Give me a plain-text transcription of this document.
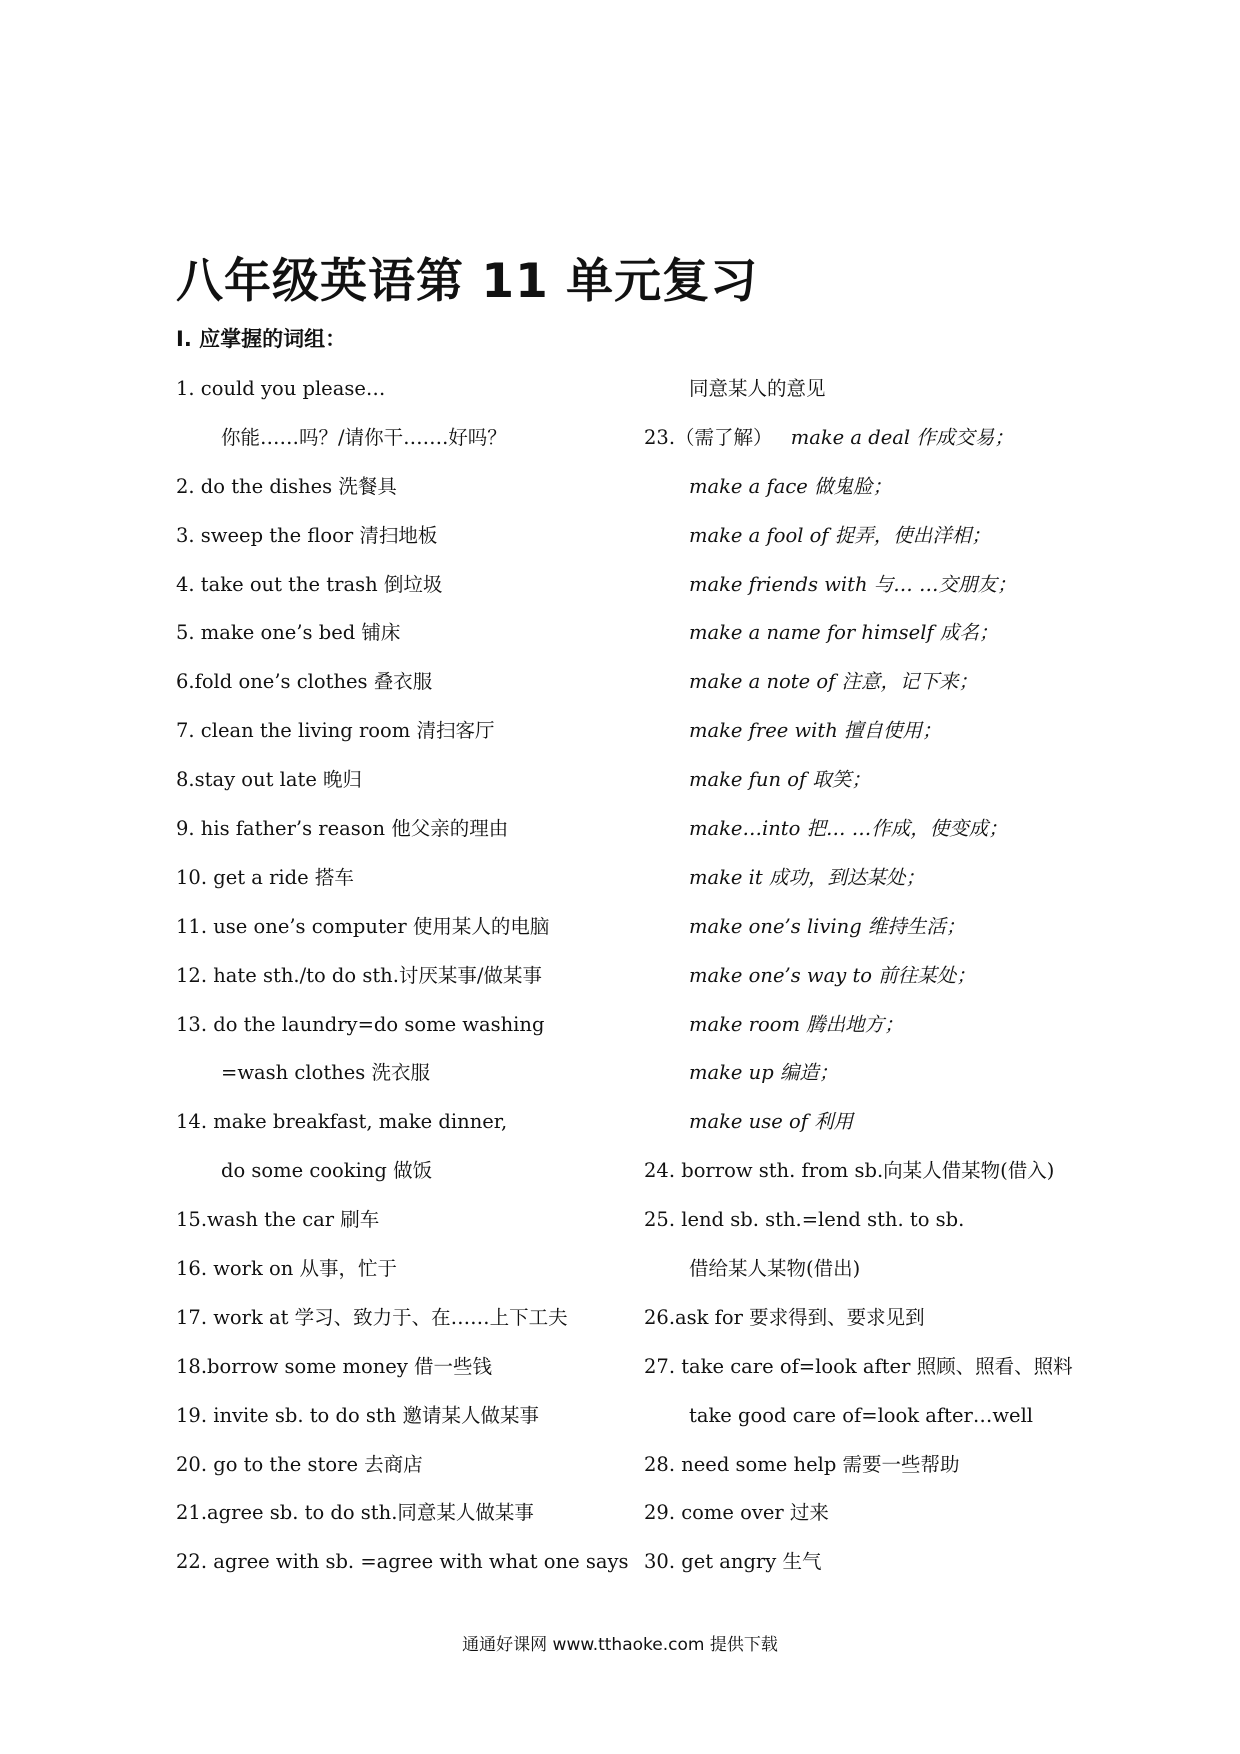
八年级英语第 11 单元复习
I. 应掌握的词组：
1. could you please…
你能……吗？/请你干…….好吗？
2. do the dishes 洗餐具
3. sweep the floor 清扫地板
4. take out the trash 倒垃圾
5. make one’s bed 铺床
6.fold one’s clothes 叠衣服
7. clean the living room 清扫客厅
8.stay out late 晚归
9. his father’s reason 他父亲的理由
10. get a ride 搭车
11. use one’s computer 使用某人的电脑
12. hate sth./to do sth.讨厌某事/做某事
13. do the laundry=do some washing
=wash clothes 洗衣服
14. make breakfast, make dinner,
do some cooking 做饭
15.wash the car 刷车
16. work on 从事，忙于
17. work at 学习、致力于、在……上下工夫
18.borrow some money 借一些钱
19. invite sb. to do sth 邀请某人做某事
20. go to the store 去商店
21.agree sb. to do sth.同意某人做某事
22. agree with sb. =agree with what one says
同意某人的意见
23.（需了解） make a deal 作成交易；
make a face 做鬼脸；
make a fool of 捉弄，使出洋相；
make friends with 与… …交朋友；
make a name for himself 成名；
make a note of 注意，记下来；
make free with 擅自使用；
make fun of 取笑；
make…into 把… …作成，使变成；
make it 成功，到达某处；
make one’s living 维持生活；
make one’s way to 前往某处；
make room 腾出地方；
make up 编造；
make use of 利用
24. borrow sth. from sb.向某人借某物(借入)
25. lend sb. sth.=lend sth. to sb.
借给某人某物(借出)
26.ask for 要求得到、要求见到
27. take care of=look after 照顾、照看、照料
take good care of=look after…well
28. need some help 需要一些帮助
29. come over 过来
30. get angry 生气
通通好课网 www.tthaoke.com 提供下载
